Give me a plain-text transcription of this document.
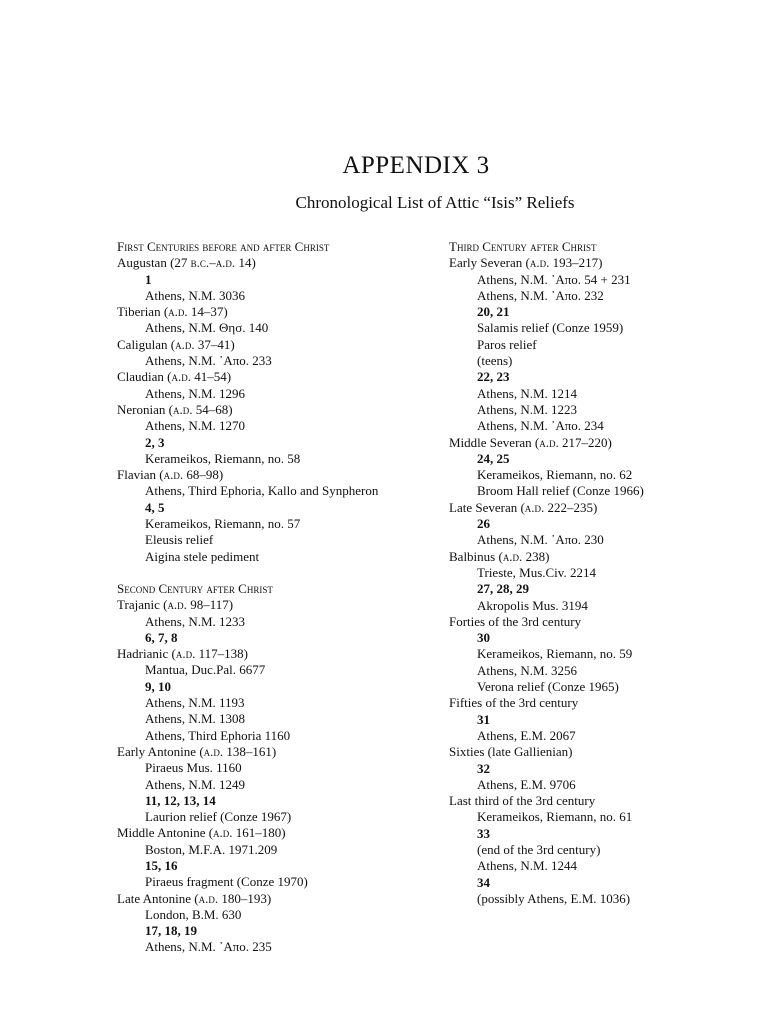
APPENDIX 3
Chronological List of Attic “Isis” Reliefs
First Centuries before and after Christ
Augustan (27 b.c.–a.d. 14)
1
Athens, N.M. 3036
Tiberian (a.d. 14–37)
Athens, N.M. Θησ. 140
Caligulan (a.d. 37–41)
Athens, N.M. ᾽Απο. 233
Claudian (a.d. 41–54)
Athens, N.M. 1296
Neronian (a.d. 54–68)
Athens, N.M. 1270
2, 3
Kerameikos, Riemann, no. 58
Flavian (a.d. 68–98)
Athens, Third Ephoria, Kallo and Synpheron
4, 5
Kerameikos, Riemann, no. 57
Eleusis relief
Aigina stele pediment
Second Century after Christ
Trajanic (a.d. 98–117)
Athens, N.M. 1233
6, 7, 8
Hadrianic (a.d. 117–138)
Mantua, Duc.Pal. 6677
9, 10
Athens, N.M. 1193
Athens, N.M. 1308
Athens, Third Ephoria 1160
Early Antonine (a.d. 138–161)
Piraeus Mus. 1160
Athens, N.M. 1249
11, 12, 13, 14
Laurion relief (Conze 1967)
Middle Antonine (a.d. 161–180)
Boston, M.F.A. 1971.209
15, 16
Piraeus fragment (Conze 1970)
Late Antonine (a.d. 180–193)
London, B.M. 630
17, 18, 19
Athens, N.M. ᾽Απο. 235
Third Century after Christ
Early Severan (a.d. 193–217)
Athens, N.M. ᾽Απο. 54 + 231
Athens, N.M. ᾽Απο. 232
20, 21
Salamis relief (Conze 1959)
Paros relief
(teens)
22, 23
Athens, N.M. 1214
Athens, N.M. 1223
Athens, N.M. ᾽Απο. 234
Middle Severan (a.d. 217–220)
24, 25
Kerameikos, Riemann, no. 62
Broom Hall relief (Conze 1966)
Late Severan (a.d. 222–235)
26
Athens, N.M. ᾽Απο. 230
Balbinus (a.d. 238)
Trieste, Mus.Civ. 2214
27, 28, 29
Akropolis Mus. 3194
Forties of the 3rd century
30
Kerameikos, Riemann, no. 59
Athens, N.M. 3256
Verona relief (Conze 1965)
Fifties of the 3rd century
31
Athens, E.M. 2067
Sixties (late Gallienian)
32
Athens, E.M. 9706
Last third of the 3rd century
Kerameikos, Riemann, no. 61
33
(end of the 3rd century)
Athens, N.M. 1244
34
(possibly Athens, E.M. 1036)
